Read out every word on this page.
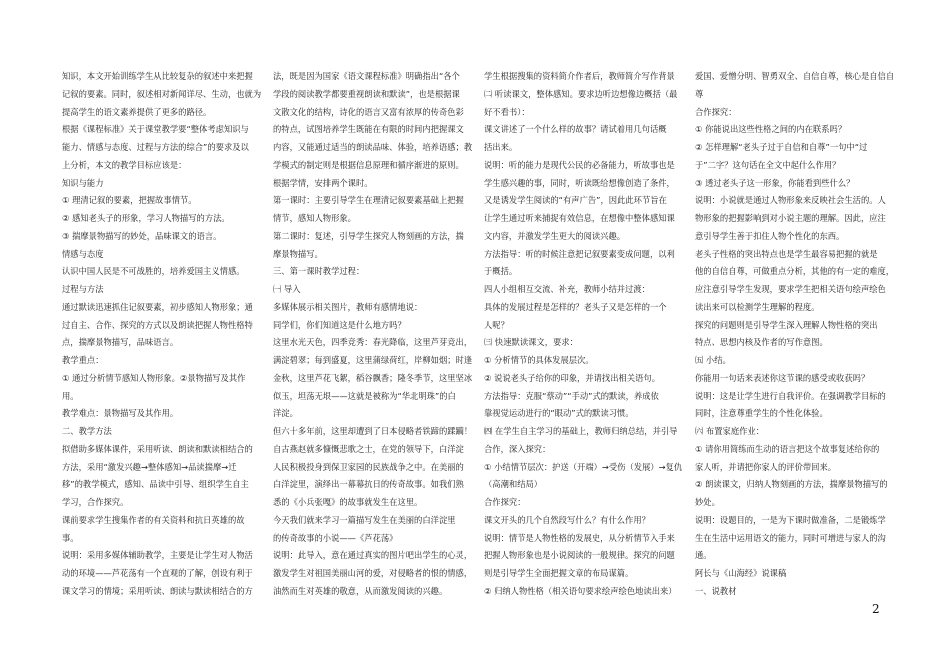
知识，本文开始训练学生从比较复杂的叙述中来把握

记叙的要素。同时，叙述相对新闻详尽、生动，也就为

提高学生的语文素养提供了更多的路径。

根据《课程标准》关于课堂教学要“整体考虑知识与

能力、情感与态度、过程与方法的综合”的要求及以

上分析，本文的教学目标应该是：

知识与能力

① 理清记叙的要素，把握故事情节。

② 感知老头子的形象，学习人物描写的方法。

③ 揣摩景物描写的妙处，品味课文的语言。

情感与态度

认识中国人民是不可战胜的，培养爱国主义情感。

过程与方法

通过默读迅速抓住记叙要素，初步感知人物形象；通

过自主、合作、探究的方式以及朗读把握人物性格特

点，揣摩景物描写，品味语言。

教学重点：

① 通过分析情节感知人物形象。②景物描写及其作

用。

教学难点：景物描写及其作用。

二、教学方法

拟借助多媒体课件，采用听读、朗读和默读相结合的

方法，采用“激发兴趣→整体感知→品读揣摩→迁

移”的教学模式，感知、品读中引导、组织学生自主

学习，合作探究。

课前要求学生搜集作者的有关资料和抗日英雄的故

事。

说明：采用多媒体辅助教学，主要是让学生对人物活

动的环境——芦花荡有一个直观的了解，创设有利于

课文学习的情境；采用听读、朗读与默读相结合的方

法，既是因为国家《语文课程标准》明确指出“各个

学段的阅读教学都要重视朗读和默读”，也是根据课

文散文化的结构，诗化的语言又富有浓厚的传奇色彩

的特点，试图培养学生既能在有限的时间内把握课文

内容，又能通过适当的朗读品味、体验，培养语感；教

学模式的制定则是根据信息原理和循序渐进的原则。

根据学情，安排两个课时。

第一课时：主要引导学生在理清记叙要素基础上把握

情节，感知人物形象。

第二课时：复述，引导学生探究人物刻画的方法，揣

摩景物描写。

三、第一课时教学过程：

㈠ 导入

多媒体展示相关图片，教师有感情地说：

同学们，你们知道这是什么地方吗？

这里水光天色，四季竞秀：春光降临，这里芦芽竞出，

满淀碧翠；每到盛夏，这里蒲绿荷红，岸柳如烟；时逢

金秋，这里芦花飞絮，稻谷飘香；隆冬季节，这里坚冰

似玉，坦荡无垠——这就是被称为“华北明珠”的白

洋淀。

但六十多年前，这里却遭到了日本侵略者铁蹄的蹂躏！

自古燕赵就多慷慨悲歌之士，在党的领导下，白洋淀

人民积极投身到保卫家园的民族战争之中。在美丽的

白洋淀里，演绎出一幕幕抗日的传奇故事。如我们熟

悉的《小兵张嘎》的故事就发生在这里。

今天我们就来学习一篇描写发生在美丽的白洋淀里

的传奇故事的小说——《芦花荡》

说明：此导入，意在通过真实的图片吧出学生的心灵，

激发学生对祖国美丽山河的爱，对侵略者的恨的情感，

油然而生对英雄的敬意，从而激发阅读的兴趣。

学生根据搜集的资料简介作者后，教师简介写作背景

㈡ 听读课文，整体感知。要求边听边想像边概括（最

好不看书）：

课文讲述了一个什么样的故事？请试着用几句话概

括出来。

说明：听的能力是现代公民的必备能力，听故事也是

学生感兴趣的事，同时，听读既给想像创造了条件，

又是诱发学生阅读的“有声广告”，因此此环节旨在

让学生通过听来捕捉有效信息，在想像中整体感知课

文内容，并激发学生更大的阅读兴趣。

方法指导：听的时候注意把记叙要素变成问题，以利

于概括。

四人小组相互交流、补充，教师小结并过渡：

具体的发展过程是怎样的？老头子又是怎样的一个

人呢？

㈢ 快速默读课文，要求：

① 分析情节的具体发展层次。

② 说说老头子给你的印象，并请找出相关语句。

方法指导：克服“蔡动”“手动”式的默读，养成依

靠视觉运动进行的“眼动”式的默读习惯。

㈣ 在学生自主学习的基础上，教师归纳总结，并引导

合作，深入探究：

① 小结情节层次：护送（开端）→受伤（发展）→复仇

（高潮和结局）

合作探究：

课文开头的几个自然段写什么？有什么作用？

说明：情节是人物性格的发展史，从分析情节入手来

把握人物形象也是小说阅读的一般规律。探究的问题

则是引导学生全面把握文章的布局谋篇。

② 归纳人物性格（相关语句要求绘声绘色地读出来）

爱国、爱憎分明、智勇双全、自信自尊，核心是自信自

尊

合作探究：

① 你能说出这些性格之间的内在联系吗？

② 怎样理解“老头子过于自信和自尊”一句中“过

于”二字？这句话在全文中起什么作用？

③ 透过老头子这一形象，你能看到些什么？

说明：小说就是通过人物形象来反映社会生活的。人

物形象的把握影响到对小说主题的理解。因此，应注

意引导学生善于扣住人物个性化的东西。

老头子性格的突出特点也是学生最容易把握的就是

他的自信自尊，可做重点分析，其他的有一定的难度，

应注意引导学生发现，要求学生把相关语句绘声绘色

读出来可以检测学生理解的程度。

探究的问题则是引导学生深入理解人物性格的突出

特点、思想内核及作者的写作意图。

㈤ 小结。

你能用一句话来表述你这节课的感受或收获吗？

说明：这是让学生进行自我评价。在强调教学目标的

同时，注意尊重学生的个性化体验。

㈥ 布置家庭作业：

① 请你用简练而生动的语言把这个故事复述给你的

家人听，并请把你家人的评价带回来。

② 朗读课文，归纳人物刻画的方法，揣摩景物描写的

妙处。

说明：设题目的，一是为下课时做准备，二是锻炼学

生在生活中运用语文的能力，同时可增进与家人的沟

通。

阿长与《山海经》说课稿

一、说教材

2
